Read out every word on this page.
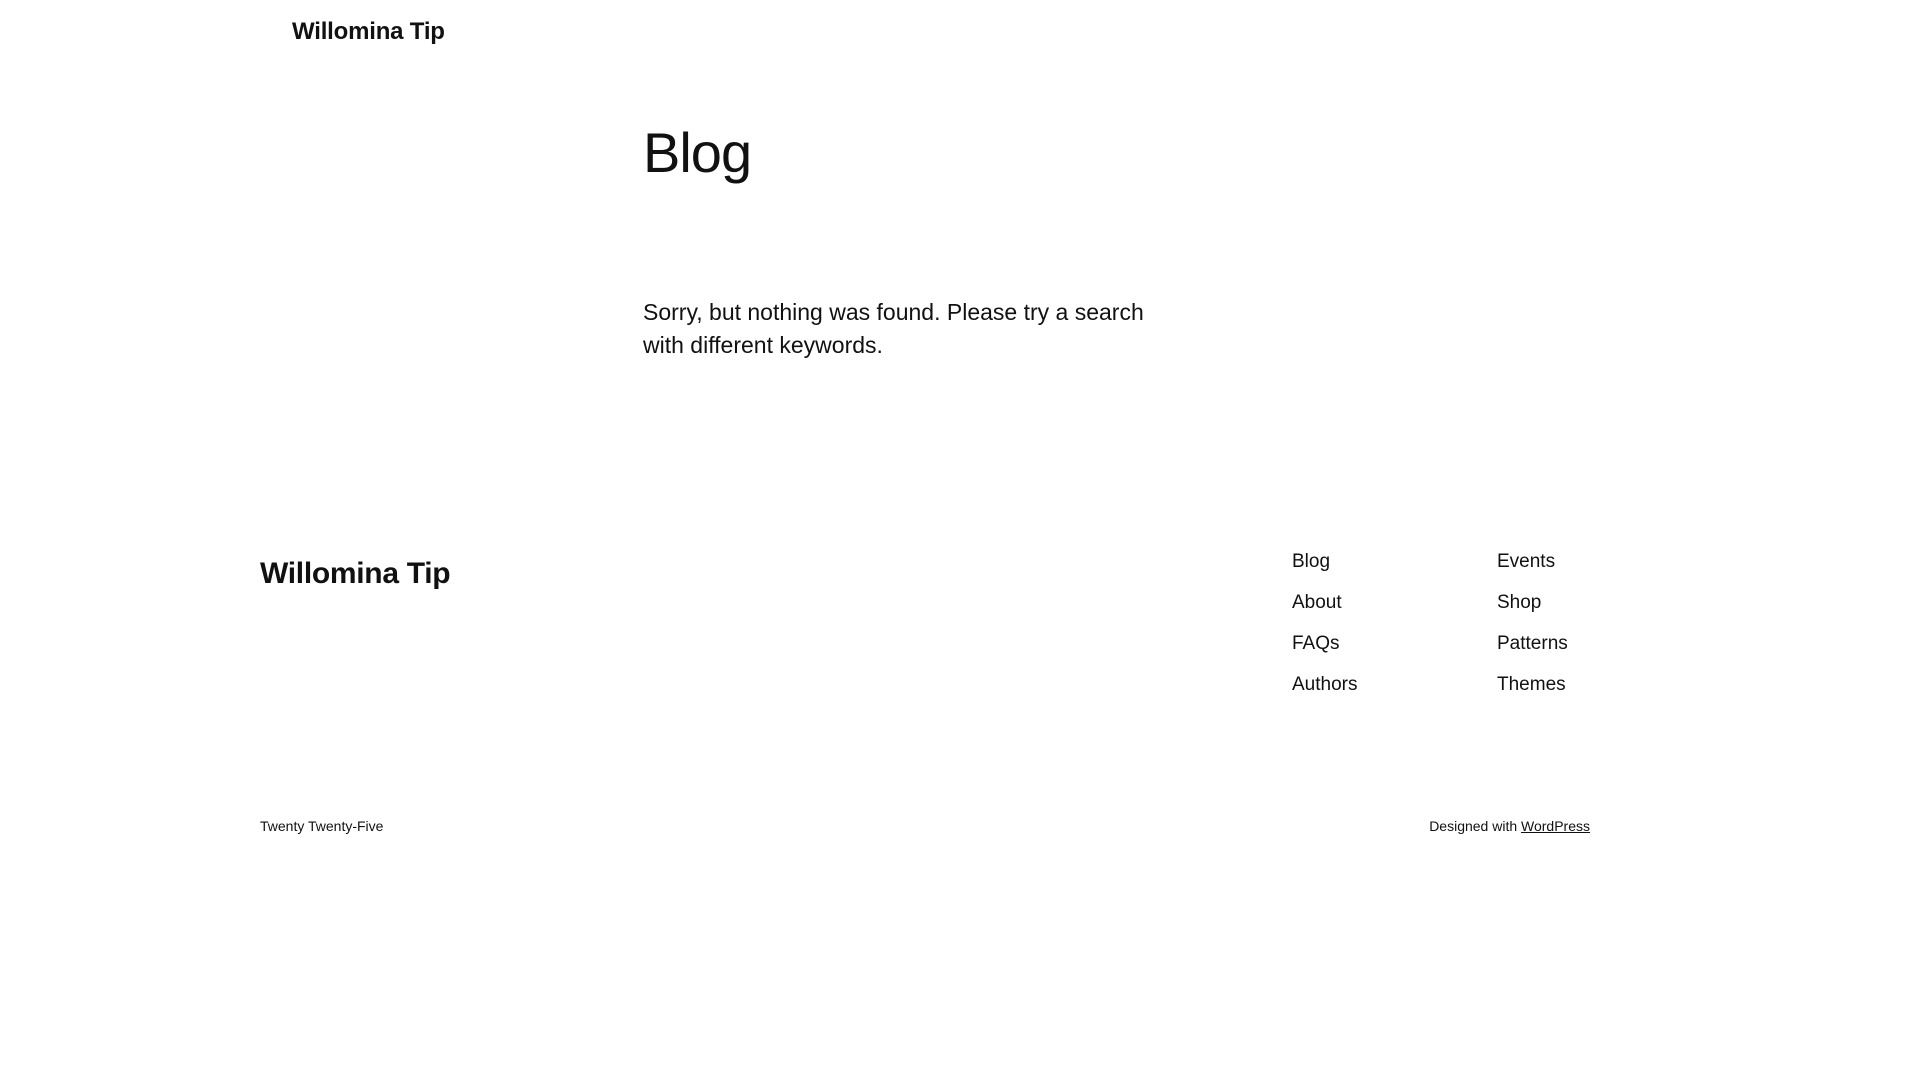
Willomina Tip
Blog

Sorry, but nothing was found. Please try a search with different keywords.

Willomina Tip	Blog
About
FAQs
Authors
Events
Shop
Patterns
Themes
Twenty Twenty-Five	Designed with WordPress
